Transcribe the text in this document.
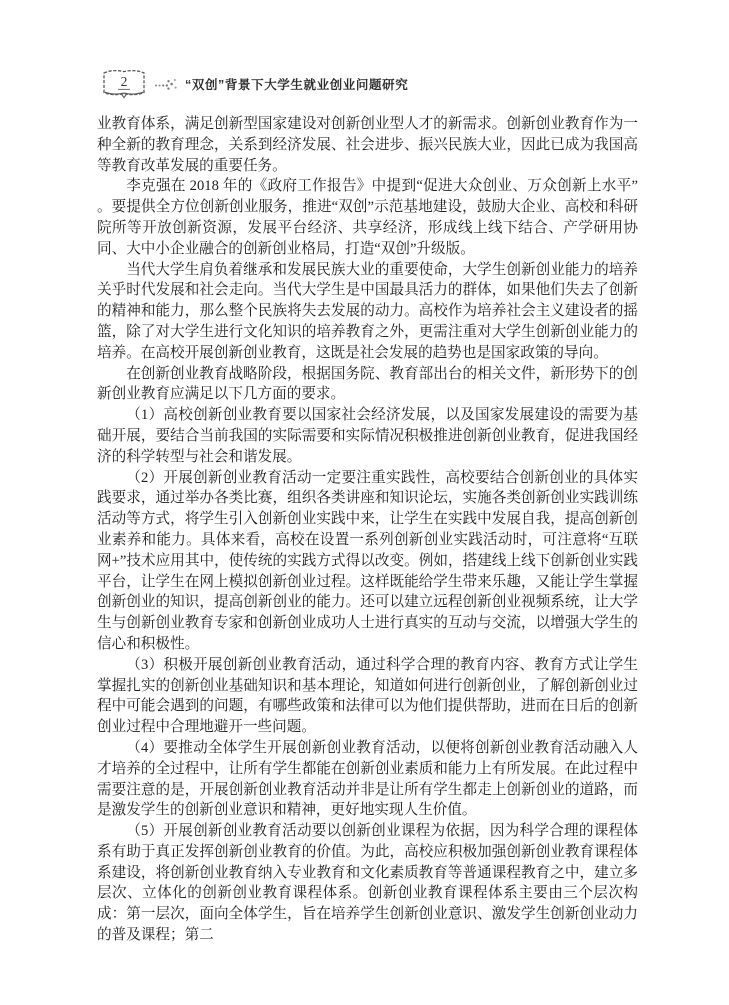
2	“双创”背景下大学生就业创业问题研究

业教育体系，满足创新型国家建设对创新创业型人才的新需求。创新创业教育作为一种全新的教育理念，关系到经济发展、社会进步、振兴民族大业，因此已成为我国高等教育改革发展的重要任务。

李克强在 2018 年的《政府工作报告》中提到“促进大众创业、万众创新上水平” 。要提供全方位创新创业服务，推进“双创”示范基地建设，鼓励大企业、高校和科研院所等开放创新资源，发展平台经济、共享经济，形成线上线下结合、产学研用协同、大中小企业融合的创新创业格局，打造“双创”升级版。

当代大学生肩负着继承和发展民族大业的重要使命，大学生创新创业能力的培养关乎时代发展和社会走向。当代大学生是中国最具活力的群体，如果他们失去了创新的精神和能力，那么整个民族将失去发展的动力。高校作为培养社会主义建设者的摇篮，除了对大学生进行文化知识的培养教育之外，更需注重对大学生创新创业能力的培养。在高校开展创新创业教育，这既是社会发展的趋势也是国家政策的导向。

在创新创业教育战略阶段，根据国务院、教育部出台的相关文件，新形势下的创新创业教育应满足以下几方面的要求。

（1）高校创新创业教育要以国家社会经济发展，以及国家发展建设的需要为基础开展，要结合当前我国的实际需要和实际情况积极推进创新创业教育，促进我国经济的科学转型与社会和谐发展。

（2）开展创新创业教育活动一定要注重实践性，高校要结合创新创业的具体实践要求，通过举办各类比赛，组织各类讲座和知识论坛，实施各类创新创业实践训练活动等方式，将学生引入创新创业实践中来，让学生在实践中发展自我，提高创新创业素养和能力。具体来看，高校在设置一系列创新创业实践活动时，可注意将“互联网+”技术应用其中，使传统的实践方式得以改变。例如，搭建线上线下创新创业实践平台，让学生在网上模拟创新创业过程。这样既能给学生带来乐趣，又能让学生掌握创新创业的知识，提高创新创业的能力。还可以建立远程创新创业视频系统，让大学生与创新创业教育专家和创新创业成功人士进行真实的互动与交流，以增强大学生的信心和积极性。

（3）积极开展创新创业教育活动，通过科学合理的教育内容、教育方式让学生掌握扎实的创新创业基础知识和基本理论，知道如何进行创新创业，了解创新创业过程中可能会遇到的问题，有哪些政策和法律可以为他们提供帮助，进而在日后的创新创业过程中合理地避开一些问题。

（4）要推动全体学生开展创新创业教育活动，以便将创新创业教育活动融入人才培养的全过程中，让所有学生都能在创新创业素质和能力上有所发展。在此过程中需要注意的是，开展创新创业教育活动并非是让所有学生都走上创新创业的道路，而是激发学生的创新创业意识和精神，更好地实现人生价值。

（5）开展创新创业教育活动要以创新创业课程为依据，因为科学合理的课程体系有助于真正发挥创新创业教育的价值。为此，高校应积极加强创新创业教育课程体系建设，将创新创业教育纳入专业教育和文化素质教育等普通课程教育之中，建立多层次、立体化的创新创业教育课程体系。创新创业教育课程体系主要由三个层次构成：第一层次，面向全体学生，旨在培养学生创新创业意识、激发学生创新创业动力的普及课程；第二
